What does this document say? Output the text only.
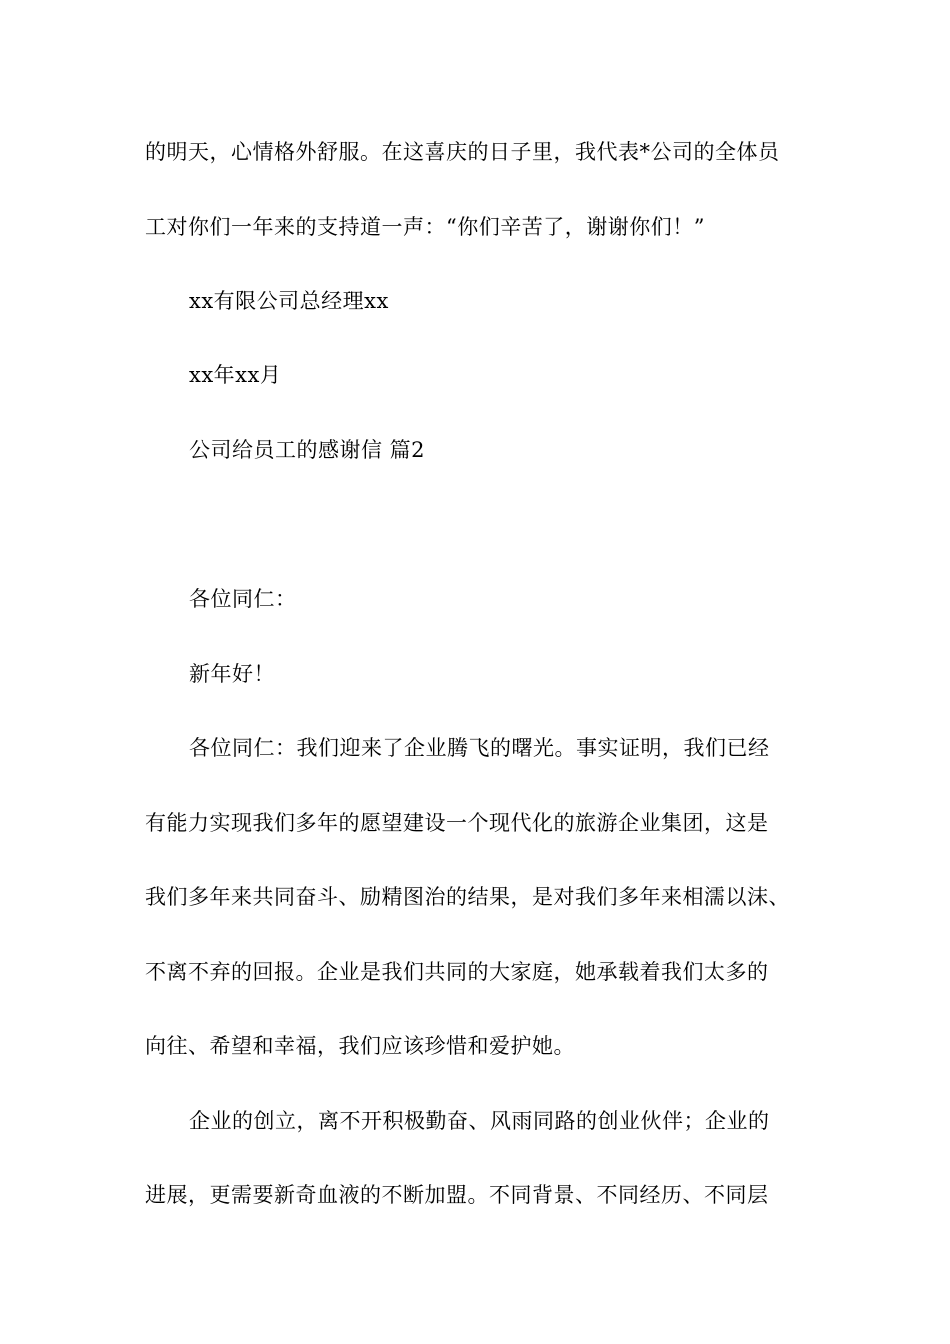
的明天，心情格外舒服。在这喜庆的日子里，我代表*公司的全体员
工对你们一年来的支持道一声：“你们辛苦了，谢谢你们！”
xx有限公司总经理xx
xx年xx月
公司给员工的感谢信 篇2
各位同仁：
新年好！
各位同仁：我们迎来了企业腾飞的曙光。事实证明，我们已经
有能力实现我们多年的愿望建设一个现代化的旅游企业集团，这是
我们多年来共同奋斗、励精图治的结果，是对我们多年来相濡以沫、
不离不弃的回报。企业是我们共同的大家庭，她承载着我们太多的
向往、希望和幸福，我们应该珍惜和爱护她。
企业的创立，离不开积极勤奋、风雨同路的创业伙伴；企业的
进展，更需要新奇血液的不断加盟。不同背景、不同经历、不同层
